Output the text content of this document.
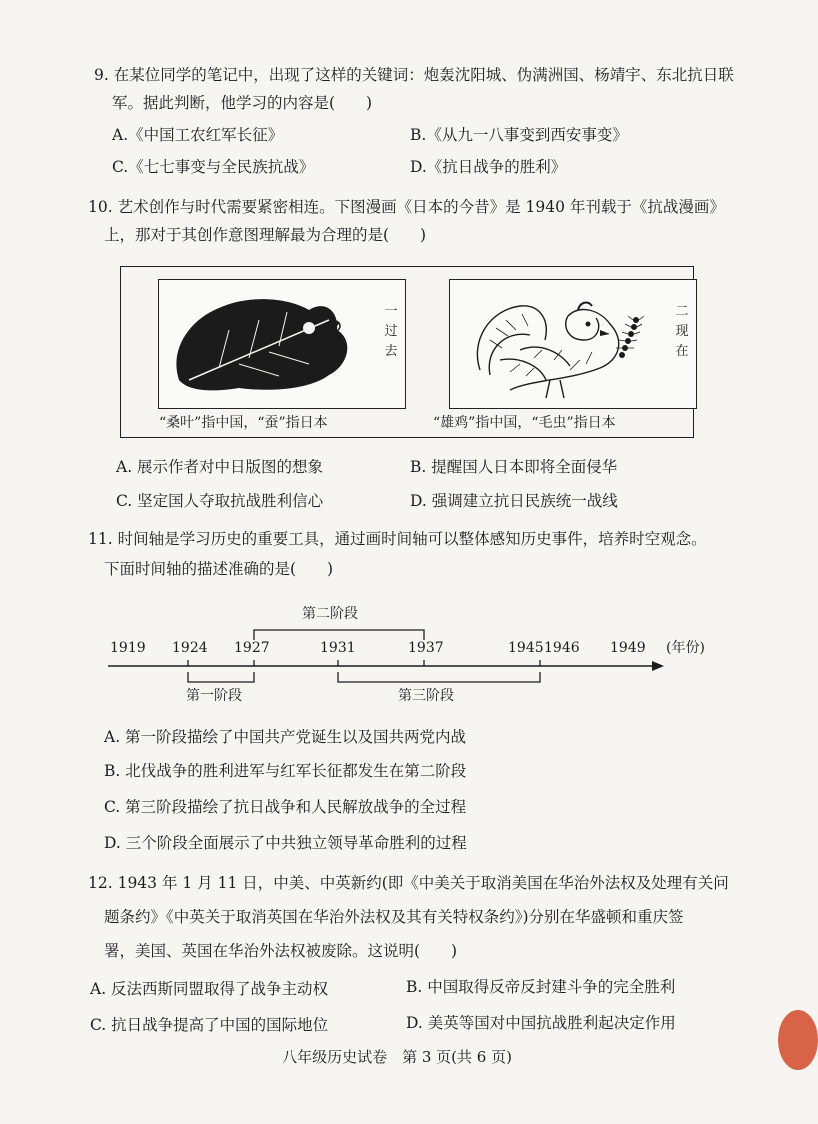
9. 在某位同学的笔记中，出现了这样的关键词：炮轰沈阳城、伪满洲国、杨靖宇、东北抗日联
军。据此判断，他学习的内容是(　　)
A.《中国工农红军长征》	B.《从九一八事变到西安事变》
C.《七七事变与全民族抗战》	D.《抗日战争的胜利》
10. 艺术创作与时代需要紧密相连。下图漫画《日本的今昔》是 1940 年刊载于《抗战漫画》
上，那对于其创作意图理解最为合理的是(　　)
一过去
二现在
“桑叶”指中国，“蚕”指日本	“雄鸡”指中国，“毛虫”指日本
A. 展示作者对中日版图的想象	B. 提醒国人日本即将全面侵华
C. 坚定国人夺取抗战胜利信心	D. 强调建立抗日民族统一战线
11. 时间轴是学习历史的重要工具，通过画时间轴可以整体感知历史事件，培养时空观念。
下面时间轴的描述准确的是(　　)
第二阶段
1919 1924 1927	1931	1937	1945 1946 1949 (年份)
第一阶段	第三阶段
A. 第一阶段描绘了中国共产党诞生以及国共两党内战
B. 北伐战争的胜利进军与红军长征都发生在第二阶段
C. 第三阶段描绘了抗日战争和人民解放战争的全过程
D. 三个阶段全面展示了中共独立领导革命胜利的过程
12. 1943 年 1 月 11 日，中美、中英新约(即《中美关于取消美国在华治外法权及处理有关问
题条约》《中英关于取消英国在华治外法权及其有关特权条约》)分别在华盛顿和重庆签
署，美国、英国在华治外法权被废除。这说明(　　)
A. 反法西斯同盟取得了战争主动权	B. 中国取得反帝反封建斗争的完全胜利
C. 抗日战争提高了中国的国际地位	D. 美英等国对中国抗战胜利起决定作用
八年级历史试卷　第 3 页(共 6 页)
